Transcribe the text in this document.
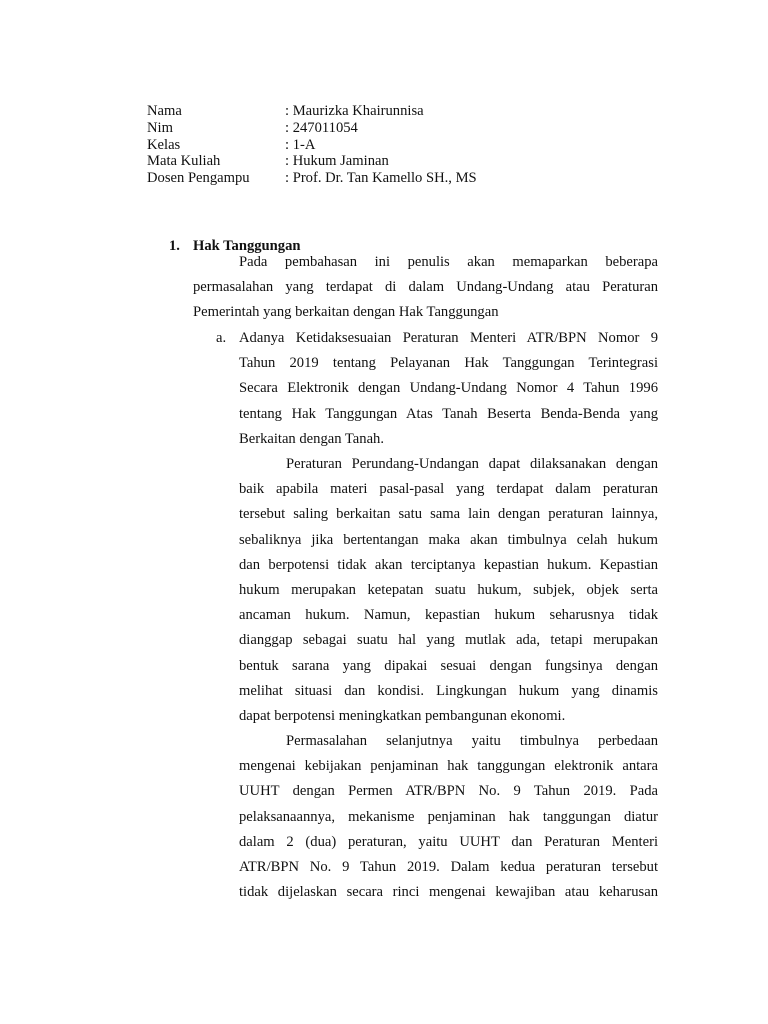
Nama	: Maurizka Khairunnisa
Nim	: 247011054
Kelas	: 1-A
Mata Kuliah	: Hukum Jaminan
Dosen Pengampu	: Prof. Dr. Tan Kamello SH., MS
1. Hak Tanggungan
Pada pembahasan ini penulis akan memaparkan beberapa
permasalahan yang terdapat di dalam Undang-Undang atau Peraturan
Pemerintah yang berkaitan dengan Hak Tanggungan
a. Adanya Ketidaksesuaian Peraturan Menteri ATR/BPN Nomor 9
Tahun 2019 tentang Pelayanan Hak Tanggungan Terintegrasi
Secara Elektronik dengan Undang-Undang Nomor 4 Tahun 1996
tentang Hak Tanggungan Atas Tanah Beserta Benda-Benda yang
Berkaitan dengan Tanah.
Peraturan Perundang-Undangan dapat dilaksanakan dengan
baik apabila materi pasal-pasal yang terdapat dalam peraturan
tersebut saling berkaitan satu sama lain dengan peraturan lainnya,
sebaliknya jika bertentangan maka akan timbulnya celah hukum
dan berpotensi tidak akan terciptanya kepastian hukum. Kepastian
hukum merupakan ketepatan suatu hukum, subjek, objek serta
ancaman hukum. Namun, kepastian hukum seharusnya tidak
dianggap sebagai suatu hal yang mutlak ada, tetapi merupakan
bentuk sarana yang dipakai sesuai dengan fungsinya dengan
melihat situasi dan kondisi. Lingkungan hukum yang dinamis
dapat berpotensi meningkatkan pembangunan ekonomi.
Permasalahan selanjutnya yaitu timbulnya perbedaan
mengenai kebijakan penjaminan hak tanggungan elektronik antara
UUHT dengan Permen ATR/BPN No. 9 Tahun 2019. Pada
pelaksanaannya, mekanisme penjaminan hak tanggungan diatur
dalam 2 (dua) peraturan, yaitu UUHT dan Peraturan Menteri
ATR/BPN No. 9 Tahun 2019. Dalam kedua peraturan tersebut
tidak dijelaskan secara rinci mengenai kewajiban atau keharusan
